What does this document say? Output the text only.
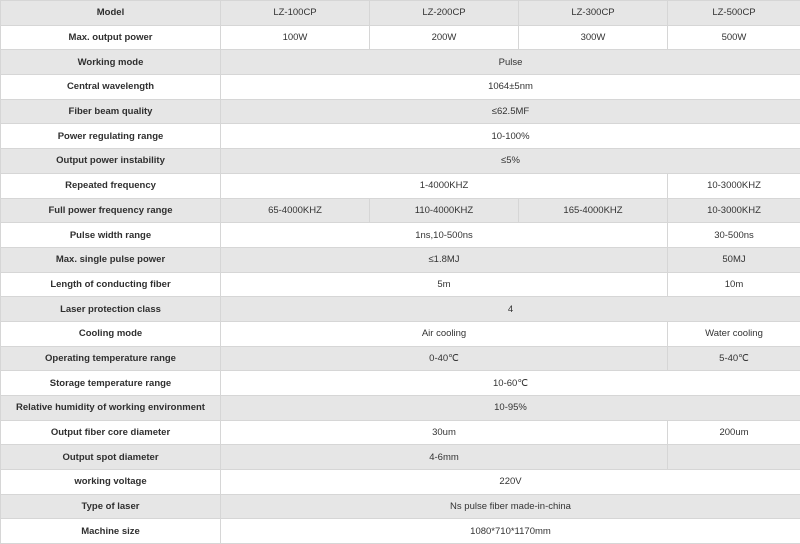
Model	LZ-100CP	LZ-200CP	LZ-300CP	LZ-500CP
Max. output power	100W	200W	300W	500W
Working mode	Pulse			
Central wavelength	1064±5nm			
Fiber beam quality	≤62.5MF			
Power regulating range	10-100%			
Output power instability	≤5%			
Repeated frequency	1-4000KHZ			10-3000KHZ
Full power frequency range	65-4000KHZ	110-4000KHZ	165-4000KHZ	10-3000KHZ
Pulse width range	1ns,10-500ns			30-500ns
Max. single pulse power	≤1.8MJ			50MJ
Length of conducting fiber	5m			10m
Laser protection class	4			
Cooling mode	Air cooling			Water cooling
Operating temperature range	0-40℃			5-40℃
Storage temperature range	10-60℃			
Relative humidity of working environment	10-95%			
Output fiber core diameter	30um			200um
Output spot diameter	4-6mm			
working voltage	220V			
Type of laser	Ns pulse fiber made-in-china			
Machine size	1080*710*1170mm			
